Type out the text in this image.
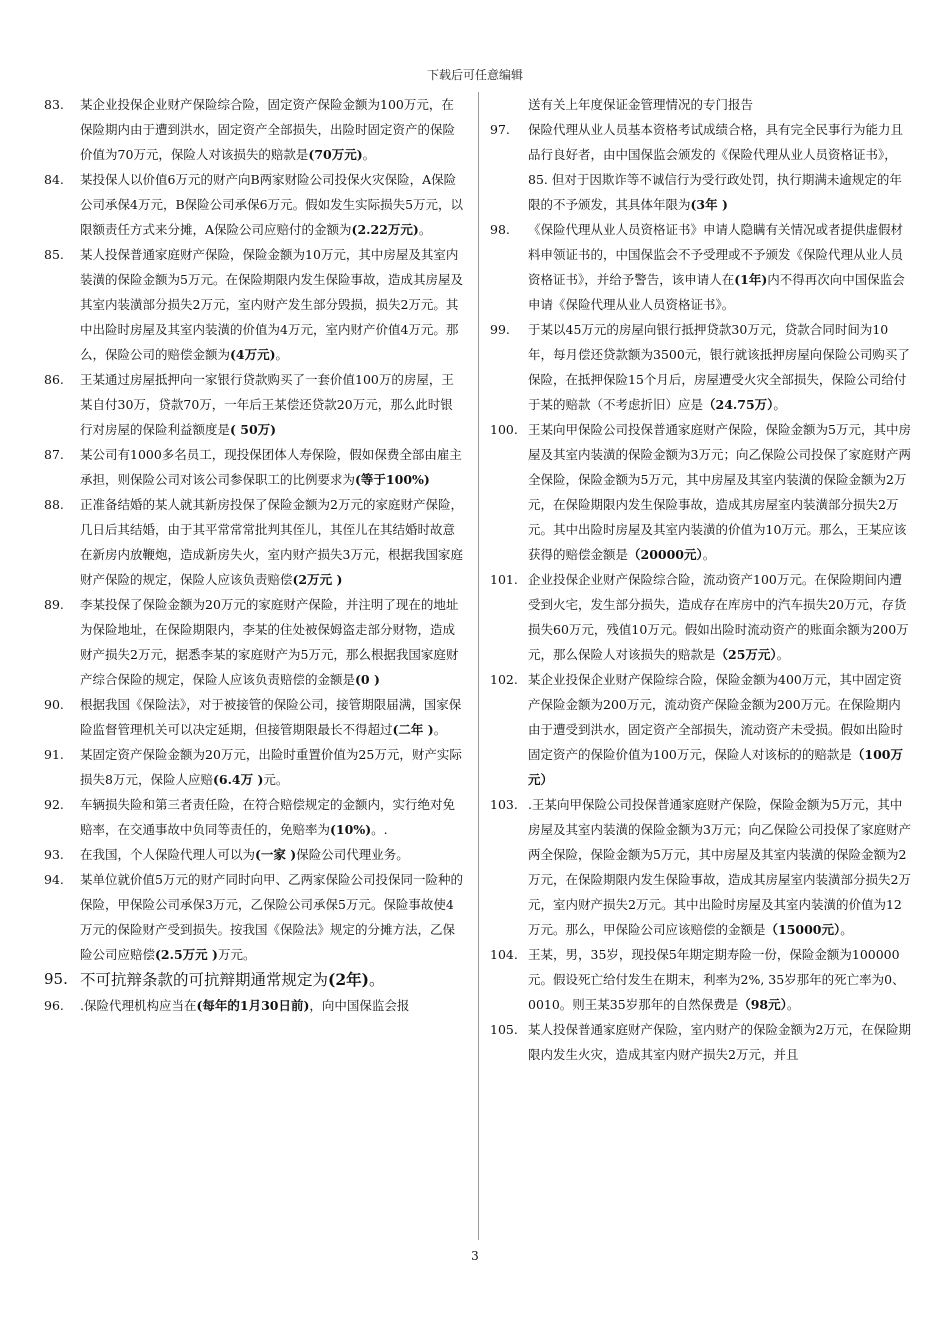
下载后可任意编辑
83. 某企业投保企业财产保险综合险，固定资产保险金额为100万元，在保险期内由于遭到洪水，固定资产全部损失，出险时固定资产的保险价值为70万元，保险人对该损失的赔款是(70万元)。
84. 某投保人以价值6万元的财产向B两家财险公司投保火灾保险，A保险公司承保4万元，B保险公司承保6万元。假如发生实际损失5万元，以限额责任方式来分摊，A保险公司应赔付的金额为(2.22万元)。
85. 某人投保普通家庭财产保险，保险金额为10万元，其中房屋及其室内装潢的保险金额为5万元。在保险期限内发生保险事故，造成其房屋及其室内装潢部分损失2万元，室内财产发生部分毁损，损失2万元。其中出险时房屋及其室内装潢的价值为4万元，室内财产价值4万元。那么，保险公司的赔偿金额为(4万元)。
86. 王某通过房屋抵押向一家银行贷款购买了一套价值100万的房屋，王某自付30万，贷款70万，一年后王某偿还贷款20万元，那么此时银行对房屋的保险利益额度是( 50万)
87. 某公司有1000多名员工，现投保团体人寿保险，假如保费全部由雇主承担，则保险公司对该公司参保职工的比例要求为(等于100%)
88. 正准备结婚的某人就其新房投保了保险金额为2万元的家庭财产保险，几日后其结婚，由于其平常常常批判其侄儿，其侄儿在其结婚时故意在新房内放鞭炮，造成新房失火，室内财产损失3万元，根据我国家庭财产保险的规定，保险人应该负责赔偿(2万元 )
89. 李某投保了保险金额为20万元的家庭财产保险，并注明了现在的地址为保险地址，在保险期限内，李某的住处被保姆盗走部分财物，造成财产损失2万元，据悉李某的家庭财产为5万元，那么根据我国家庭财产综合保险的规定，保险人应该负责赔偿的金额是(0 )
90. 根据我国《保险法》，对于被接管的保险公司，接管期限届满，国家保险监督管理机关可以决定延期，但接管期限最长不得超过(二年 )。
91. 某固定资产保险金额为20万元，出险时重置价值为25万元，财产实际损失8万元，保险人应赔(6.4万 )元。
92. 车辆损失险和第三者责任险，在符合赔偿规定的金额内，实行绝对免赔率，在交通事故中负同等责任的，免赔率为(10%)。.
93. 在我国，个人保险代理人可以为(一家 )保险公司代理业务。
94. 某单位就价值5万元的财产同时向甲、乙两家保险公司投保同一险种的保险，甲保险公司承保3万元，乙保险公司承保5万元。保险事故使4万元的保险财产受到损失。按我国《保险法》规定的分摊方法，乙保险公司应赔偿(2.5万元 )万元。
95. 不可抗辩条款的可抗辩期通常规定为(2年)。
96. .保险代理机构应当在(每年的1月30日前)，向中国保监会报
送有关上年度保证金管理情况的专门报告
97. 保险代理从业人员基本资格考试成绩合格，具有完全民事行为能力且品行良好者，由中国保监会颁发的《保险代理从业人员资格证书》，85. 但对于因欺诈等不诚信行为受行政处罚，执行期满未逾规定的年限的不予颁发，其具体年限为(3年 )
98. 《保险代理从业人员资格证书》申请人隐瞒有关情况或者提供虚假材料申领证书的，中国保监会不予受理或不予颁发《保险代理从业人员资格证书》，并给予警告，该申请人在(1年)内不得再次向中国保监会申请《保险代理从业人员资格证书》。
99. 于某以45万元的房屋向银行抵押贷款30万元，贷款合同时间为10年，每月偿还贷款额为3500元，银行就该抵押房屋向保险公司购买了保险，在抵押保险15个月后，房屋遭受火灾全部损失，保险公司给付于某的赔款（不考虑折旧）应是（24.75万）。
100. 王某向甲保险公司投保普通家庭财产保险，保险金额为5万元，其中房屋及其室内装潢的保险金额为3万元；向乙保险公司投保了家庭财产两全保险，保险金额为5万元，其中房屋及其室内装潢的保险金额为2万元，在保险期限内发生保险事故，造成其房屋室内装潢部分损失2万元。其中出险时房屋及其室内装潢的价值为10万元。那么，王某应该获得的赔偿金额是（20000元）。
101. 企业投保企业财产保险综合险，流动资产100万元。在保险期间内遭受到火宅，发生部分损失，造成存在库房中的汽车损失20万元，存货损失60万元，残值10万元。假如出险时流动资产的账面余额为200万元，那么保险人对该损失的赔款是（25万元）。
102. 某企业投保企业财产保险综合险，保险金额为400万元，其中固定资产保险金额为200万元，流动资产保险金额为200万元。在保险期内由于遭受到洪水，固定资产全部损失，流动资产未受损。假如出险时固定资产的保险价值为100万元，保险人对该标的的赔款是（100万元）
103. .王某向甲保险公司投保普通家庭财产保险，保险金额为5万元，其中房屋及其室内装潢的保险金额为3万元；向乙保险公司投保了家庭财产两全保险，保险金额为5万元，其中房屋及其室内装潢的保险金额为2万元，在保险期限内发生保险事故，造成其房屋室内装潢部分损失2万元，室内财产损失2万元。其中出险时房屋及其室内装潢的价值为12万元。那么，甲保险公司应该赔偿的金额是（15000元）。
104. 王某，男，35岁，现投保5年期定期寿险一份，保险金额为100000元。假设死亡给付发生在期末，利率为2%, 35岁那年的死亡率为0、0010。则王某35岁那年的自然保费是（98元）。
105. 某人投保普通家庭财产保险，室内财产的保险金额为2万元，在保险期限内发生火灾，造成其室内财产损失2万元，并且
3
